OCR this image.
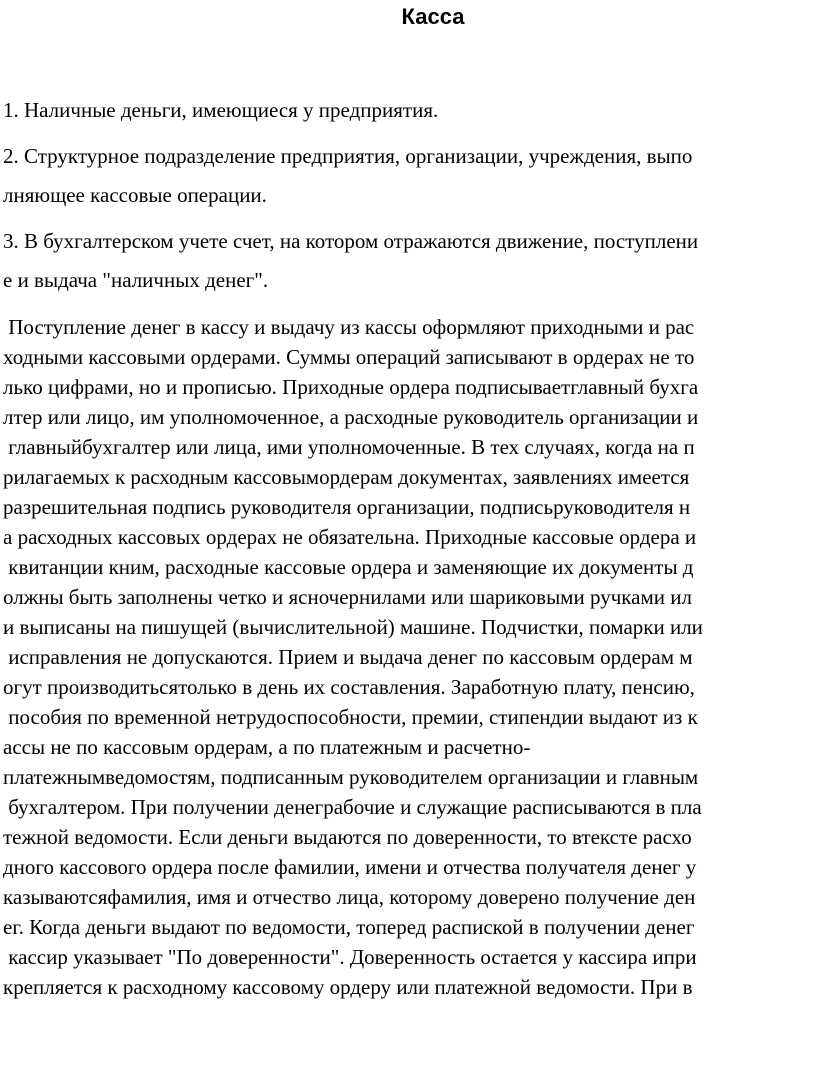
Касса

1. Наличные деньги, имеющиеся у предприятия.

2. Структурное подразделение предприятия, организации, учреждения, выпо

лняющее кассовые операции.

3. В бухгалтерском учете счет, на котором отражаются движение, поступлени

е и выдача "наличных денег".

Поступление денег в кассу и выдачу из кассы оформляют приходными и рас

ходными кассовыми ордерами. Суммы операций записывают в ордерах не то

лько цифрами, но и прописью. Приходные ордера подписываетглавный бухга

лтер или лицо, им уполномоченное, а расходные руководитель организации и

главныйбухгалтер или лица, ими уполномоченные. В тех случаях, когда на п

рилагаемых к расходным кассовымордерам документах, заявлениях имеется

разрешительная подпись руководителя организации, подписьруководителя н

а расходных кассовых ордерах не обязательна. Приходные кассовые ордера и

квитанции кним, расходные кассовые ордера и заменяющие их документы д

олжны быть заполнены четко и ясночернилами или шариковыми ручками ил

и выписаны на пишущей (вычислительной) машине. Подчистки, помарки или

исправления не допускаются. Прием и выдача денег по кассовым ордерам м

огут производитьсятолько в день их составления. Заработную плату, пенсию,

пособия по временной нетрудоспособности, премии, стипендии выдают из к

ассы не по кассовым ордерам, а по платежным и расчетно-

платежнымведомостям, подписанным руководителем организации и главным

бухгалтером. При получении денеграбочие и служащие расписываются в пла

тежной ведомости. Если деньги выдаются по доверенности, то втексте расхо

дного кассового ордера после фамилии, имени и отчества получателя денег у

казываютсяфамилия, имя и отчество лица, которому доверено получение ден

ег. Когда деньги выдают по ведомости, топеред распиской в получении денег

кассир указывает "По доверенности". Доверенность остается у кассира ипри

крепляется к расходному кассовому ордеру или платежной ведомости. При в
